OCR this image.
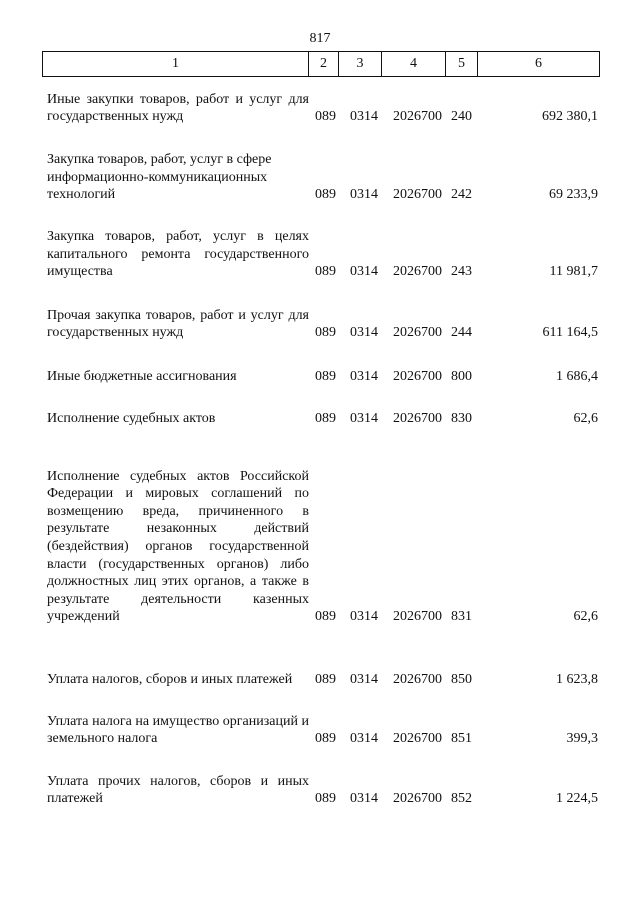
817
1	2	3	4	5	6
Иные закупки товаров, работ и услуг для государственных нужд	089 0314 2026700 240	692 380,1
Закупка товаров, работ, услуг в сфере информационно-коммуникационных технологий	089 0314 2026700 242	69 233,9
Закупка товаров, работ, услуг в целях капитального ремонта государственного имущества	089 0314 2026700 243	11 981,7
Прочая закупка товаров, работ и услуг для государственных нужд	089 0314 2026700 244	611 164,5
Иные бюджетные ассигнования	089 0314 2026700 800	1 686,4
Исполнение судебных актов	089 0314 2026700 830	62,6
Исполнение судебных актов Российской Федерации и мировых соглашений по возмещению вреда, причиненного в результате незаконных действий (бездействия) органов государственной власти (государственных органов) либо должностных лиц этих органов, а также в результате деятельности казенных учреждений	089 0314 2026700 831	62,6
Уплата налогов, сборов и иных платежей	089 0314 2026700 850	1 623,8
Уплата налога на имущество организаций и земельного налога	089 0314 2026700 851	399,3
Уплата прочих налогов, сборов и иных платежей	089 0314 2026700 852	1 224,5
